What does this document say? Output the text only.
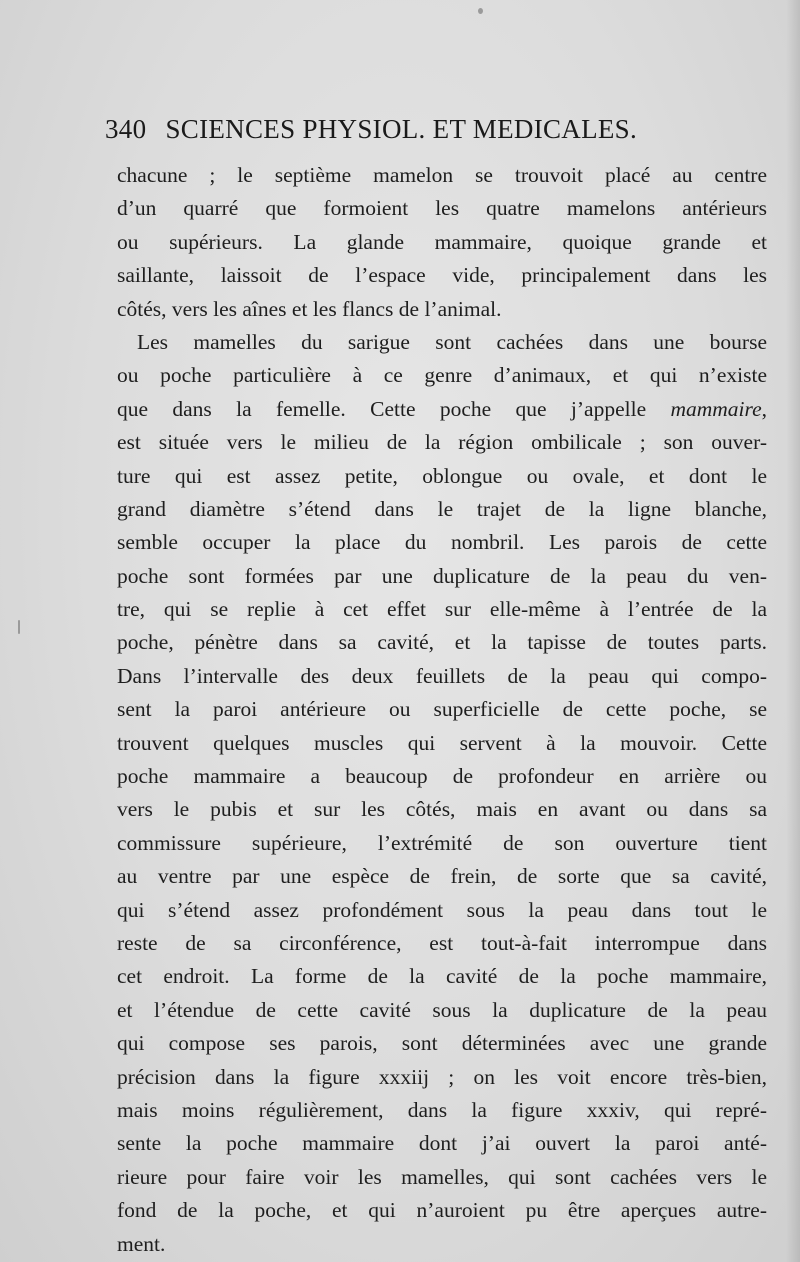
340 SCIENCES PHYSIOL. ET MEDICALES.
chacune ; le septième mamelon se trouvoit placé au centre
d’un quarré que formoient les quatre mamelons antérieurs
ou supérieurs. La glande mammaire, quoique grande et
saillante, laissoit de l’espace vide, principalement dans les
côtés, vers les aînes et les flancs de l’animal.
Les mamelles du sarigue sont cachées dans une bourse
ou poche particulière à ce genre d’animaux, et qui n’existe
que dans la femelle. Cette poche que j’appelle mammaire,
est située vers le milieu de la région ombilicale ; son ouver-
ture qui est assez petite, oblongue ou ovale, et dont le
grand diamètre s’étend dans le trajet de la ligne blanche,
semble occuper la place du nombril. Les parois de cette
poche sont formées par une duplicature de la peau du ven-
tre, qui se replie à cet effet sur elle-même à l’entrée de la
poche, pénètre dans sa cavité, et la tapisse de toutes parts.
Dans l’intervalle des deux feuillets de la peau qui compo-
sent la paroi antérieure ou superficielle de cette poche, se
trouvent quelques muscles qui servent à la mouvoir. Cette
poche mammaire a beaucoup de profondeur en arrière ou
vers le pubis et sur les côtés, mais en avant ou dans sa
commissure supérieure, l’extrémité de son ouverture tient
au ventre par une espèce de frein, de sorte que sa cavité,
qui s’étend assez profondément sous la peau dans tout le
reste de sa circonférence, est tout-à-fait interrompue dans
cet endroit. La forme de la cavité de la poche mammaire,
et l’étendue de cette cavité sous la duplicature de la peau
qui compose ses parois, sont déterminées avec une grande
précision dans la figure xxxiij ; on les voit encore très-bien,
mais moins régulièrement, dans la figure xxxiv, qui repré-
sente la poche mammaire dont j’ai ouvert la paroi anté-
rieure pour faire voir les mamelles, qui sont cachées vers le
fond de la poche, et qui n’auroient pu être aperçues autre-
ment.
